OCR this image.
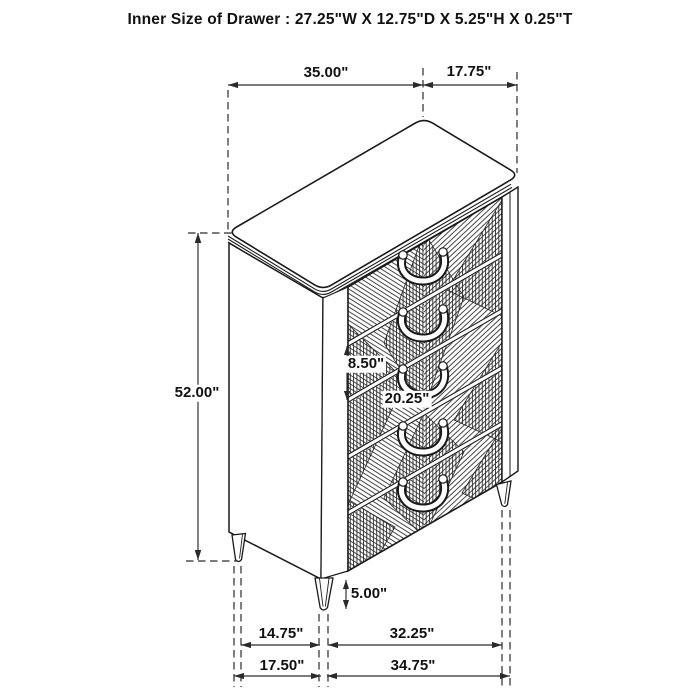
Inner Size of Drawer : 27.25"W X 12.75"D X 5.25"H X 0.25"T
35.00"	17.75"
52.00"
8.50"
20.25"
5.00"
14.75"	32.25"
17.50"	34.75"
